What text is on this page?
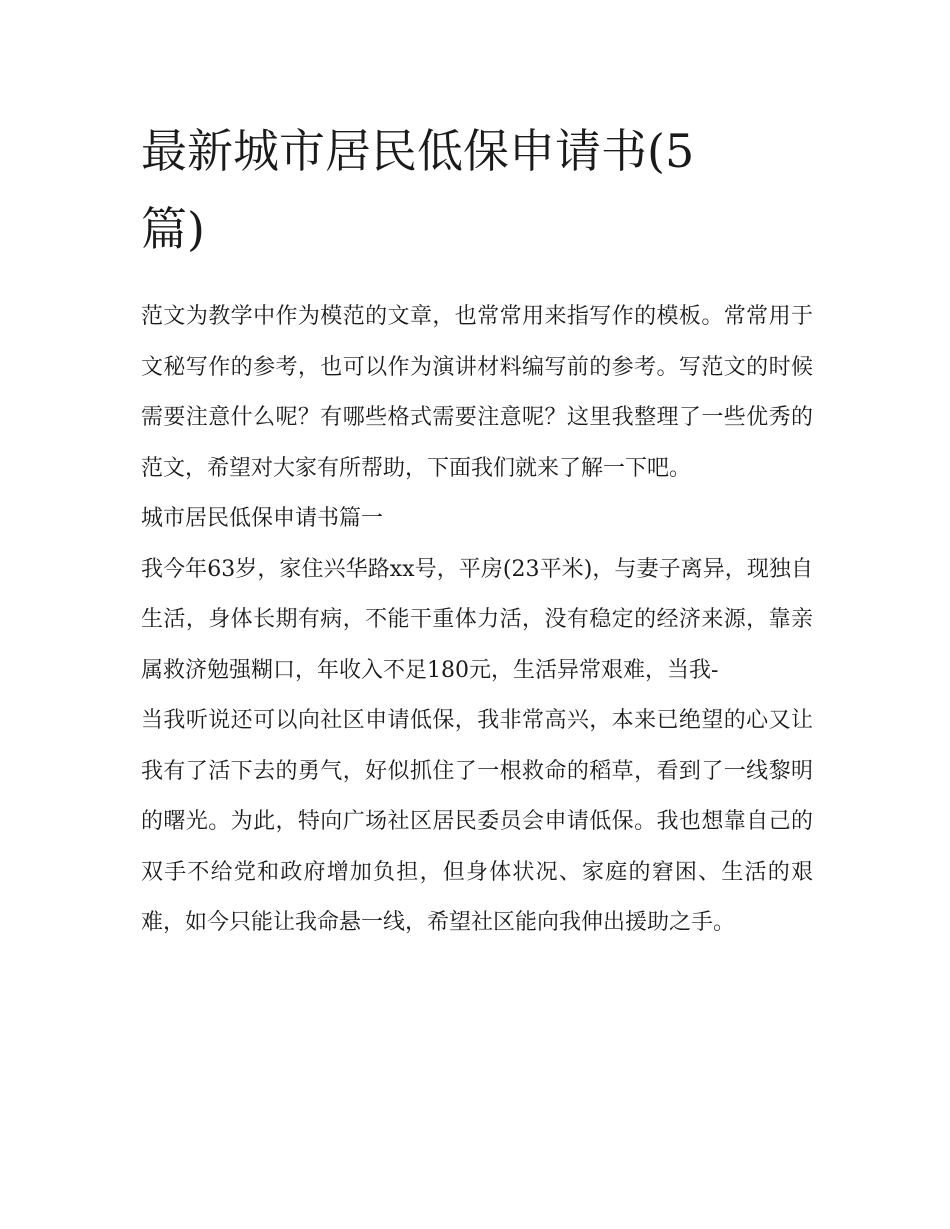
最新城市居民低保申请书(5篇)

范文为教学中作为模范的文章，也常常用来指写作的模板。常常用于文秘写作的参考，也可以作为演讲材料编写前的参考。写范文的时候需要注意什么呢？有哪些格式需要注意呢？这里我整理了一些优秀的范文，希望对大家有所帮助，下面我们就来了解一下吧。

城市居民低保申请书篇一

我今年63岁，家住兴华路xx号，平房(23平米)，与妻子离异，现独自生活，身体长期有病，不能干重体力活，没有稳定的经济来源，靠亲属救济勉强糊口，年收入不足180元，生活异常艰难，当我-

当我听说还可以向社区申请低保，我非常高兴，本来已绝望的心又让我有了活下去的勇气，好似抓住了一根救命的稻草，看到了一线黎明的曙光。为此，特向广场社区居民委员会申请低保。我也想靠自己的双手不给党和政府增加负担，但身体状况、家庭的窘困、生活的艰难，如今只能让我命悬一线，希望社区能向我伸出援助之手。
